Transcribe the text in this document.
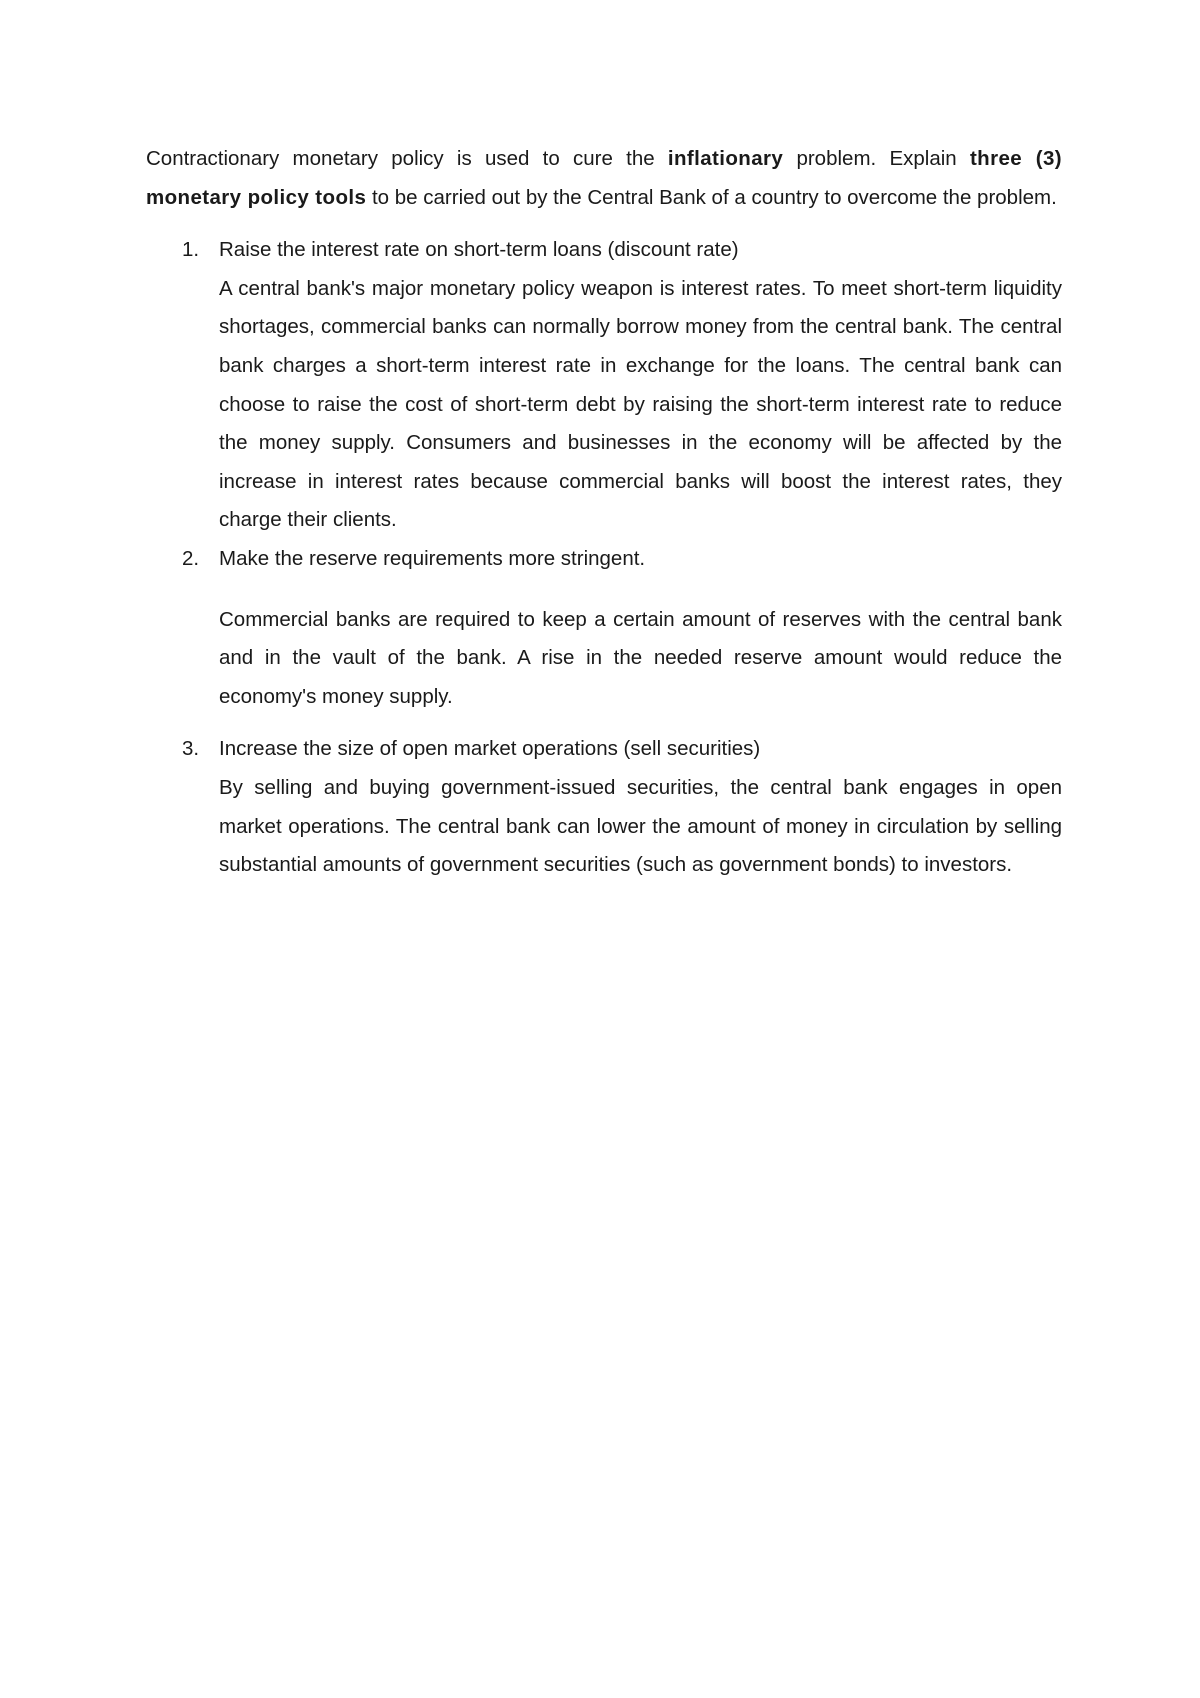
Contractionary monetary policy is used to cure the inflationary problem. Explain three (3) monetary policy tools to be carried out by the Central Bank of a country to overcome the problem.

1. Raise the interest rate on short-term loans (discount rate)

A central bank's major monetary policy weapon is interest rates. To meet short-term liquidity shortages, commercial banks can normally borrow money from the central bank. The central bank charges a short-term interest rate in exchange for the loans. The central bank can choose to raise the cost of short-term debt by raising the short-term interest rate to reduce the money supply. Consumers and businesses in the economy will be affected by the increase in interest rates because commercial banks will boost the interest rates, they charge their clients.

2. Make the reserve requirements more stringent.

Commercial banks are required to keep a certain amount of reserves with the central bank and in the vault of the bank. A rise in the needed reserve amount would reduce the economy's money supply.

3. Increase the size of open market operations (sell securities)

By selling and buying government-issued securities, the central bank engages in open market operations. The central bank can lower the amount of money in circulation by selling substantial amounts of government securities (such as government bonds) to investors.
